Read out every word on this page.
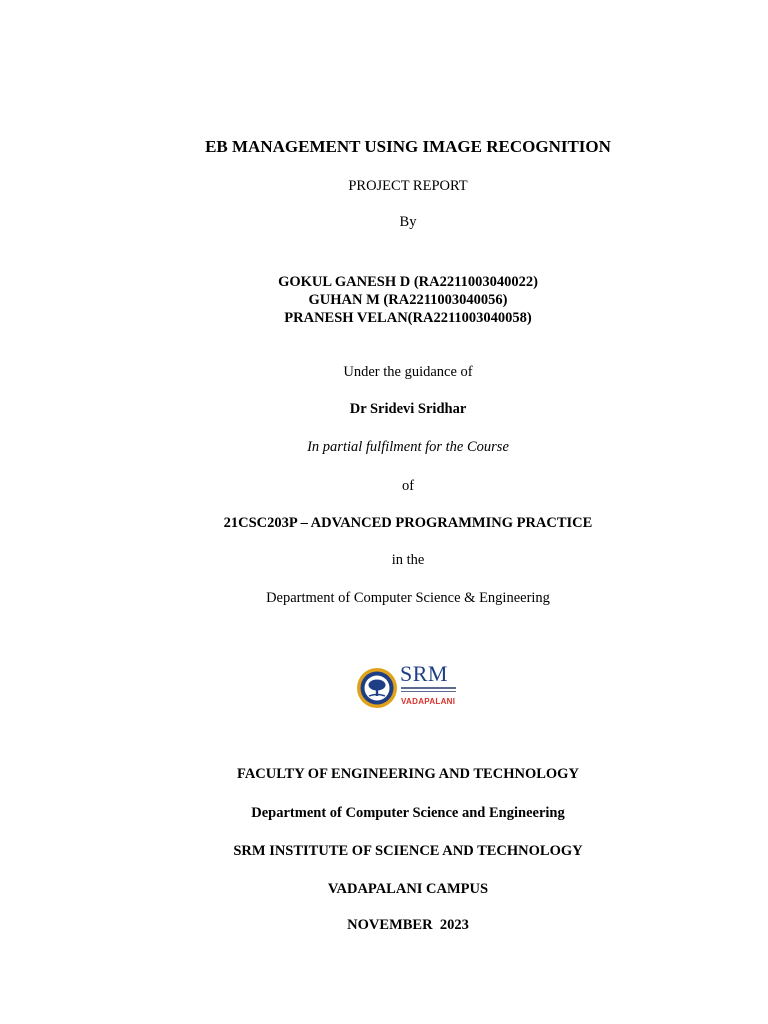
EB MANAGEMENT USING IMAGE RECOGNITION
PROJECT REPORT
By
GOKUL GANESH D (RA2211003040022)
GUHAN M (RA2211003040056)
PRANESH VELAN(RA2211003040058)
Under the guidance of
Dr Sridevi Sridhar
In partial fulfilment for the Course
of
21CSC203P – ADVANCED PROGRAMMING PRACTICE
in the
Department of Computer Science & Engineering
SRM
VADAPALANI
FACULTY OF ENGINEERING AND TECHNOLOGY
Department of Computer Science and Engineering
SRM INSTITUTE OF SCIENCE AND TECHNOLOGY
VADAPALANI CAMPUS
NOVEMBER  2023
